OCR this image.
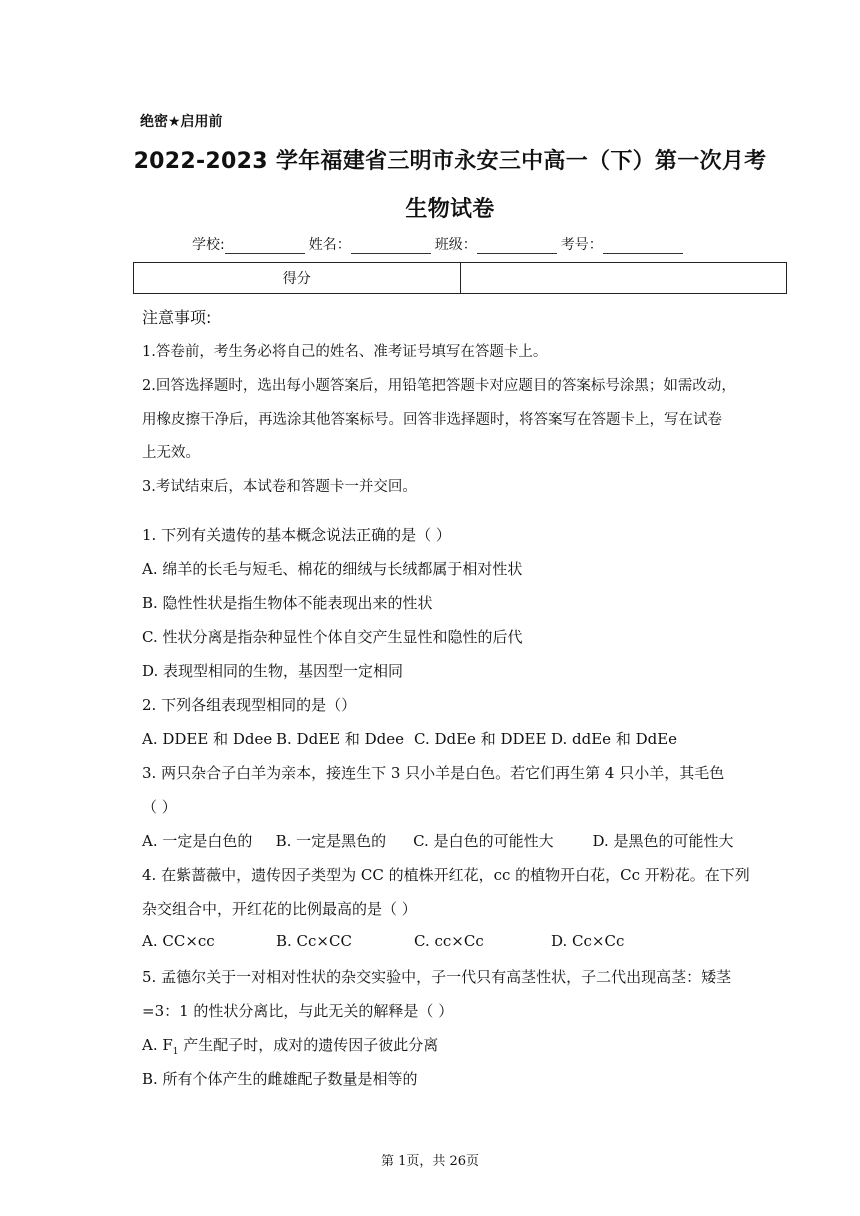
绝密★启用前
2022-2023 学年福建省三明市永安三中高一（下）第一次月考
生物试卷
学校:	姓名：	班级：	考号：
得分
注意事项:
1.答卷前，考生务必将自己的姓名、准考证号填写在答题卡上。
2.回答选择题时，选出每小题答案后，用铅笔把答题卡对应题目的答案标号涂黑；如需改动，
用橡皮擦干净后，再选涂其他答案标号。回答非选择题时，将答案写在答题卡上，写在试卷
上无效。
3.考试结束后，本试卷和答题卡一并交回。
1. 下列有关遗传的基本概念说法正确的是（ ）
A. 绵羊的长毛与短毛、棉花的细绒与长绒都属于相对性状
B. 隐性性状是指生物体不能表现出来的性状
C. 性状分离是指杂种显性个体自交产生显性和隐性的后代
D. 表现型相同的生物，基因型一定相同
2. 下列各组表现型相同的是（）
A. DDEE 和 Ddee B. DdEE 和 Ddee C. DdEe 和 DDEE D. ddEe 和 DdEe
3. 两只杂合子白羊为亲本，接连生下 3 只小羊是白色。若它们再生第 4 只小羊，其毛色
（ ）
A. 一定是白色的	B. 一定是黑色的	C. 是白色的可能性大	D. 是黑色的可能性大
4. 在紫蔷薇中，遗传因子类型为 CC 的植株开红花，cc 的植物开白花，Cc 开粉花。在下列
杂交组合中，开红花的比例最高的是（ ）
A. CC×cc	B. Cc×CC	C. cc×Cc	D. Cc×Cc
5. 孟德尔关于一对相对性状的杂交实验中，子一代只有高茎性状，子二代出现高茎：矮茎
=3：1 的性状分离比，与此无关的解释是（ ）
A. $F_1$ 产生配子时，成对的遗传因子彼此分离
B. 所有个体产生的雌雄配子数量是相等的
第 1页，共 26页
